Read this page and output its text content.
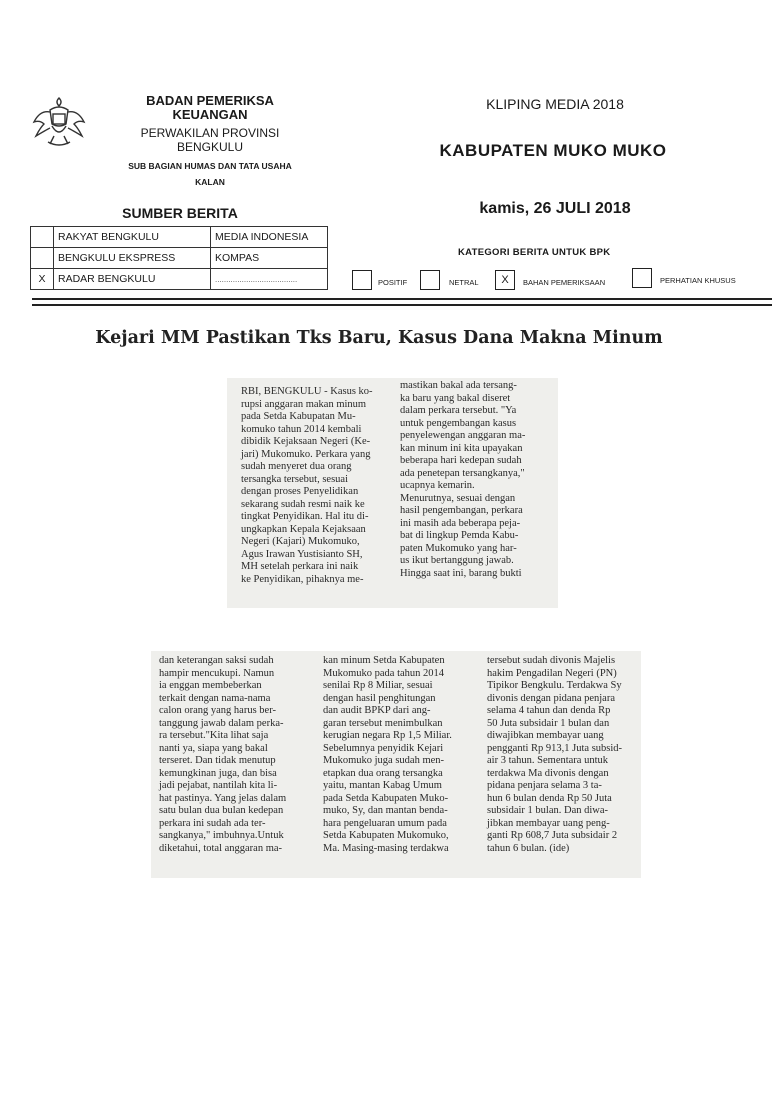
BADAN PEMERIKSA
KEUANGAN
PERWAKILAN PROVINSI
BENGKULU
SUB BAGIAN HUMAS DAN TATA USAHA
KALAN
KLIPING MEDIA 2018
KABUPATEN MUKO MUKO
SUMBER BERITA	kamis, 26 JULI 2018
	RAKYAT BENGKULU	MEDIA INDONESIA
	BENGKULU EKSPRESS	KOMPAS
X	RADAR BENGKULU	.....................................
KATEGORI BERITA UNTUK BPK
POSITIF	NETRAL	X	BAHAN PEMERIKSAAN	PERHATIAN KHUSUS
Kejari MM Pastikan Tks Baru, Kasus Dana Makna Minum
RBI, BENGKULU - Kasus ko-
rupsi anggaran makan minum
pada Setda Kabupatan Mu-
komuko tahun 2014 kembali
dibidik Kejaksaan Negeri (Ke-
jari) Mukomuko. Perkara yang
sudah menyeret dua orang
tersangka tersebut, sesuai
dengan proses Penyelidikan
sekarang sudah resmi naik ke
tingkat Penyidikan. Hal itu di-
ungkapkan Kepala Kejaksaan
Negeri (Kajari) Mukomuko,
Agus Irawan Yustisianto SH,
MH setelah perkara ini naik
ke Penyidikan, pihaknya me-
mastikan bakal ada tersang-
ka baru yang bakal diseret
dalam perkara tersebut. "Ya
untuk pengembangan kasus
penyelewengan anggaran ma-
kan minum ini kita upayakan
beberapa hari kedepan sudah
ada penetepan tersangkanya,"
ucapnya kemarin.
Menurutnya, sesuai dengan
hasil pengembangan, perkara
ini masih ada beberapa peja-
bat di lingkup Pemda Kabu-
paten Mukomuko yang har-
us ikut bertanggung jawab.
Hingga saat ini, barang bukti
dan keterangan saksi sudah
hampir mencukupi. Namun
ia enggan membeberkan
terkait dengan nama-nama
calon orang yang harus ber-
tanggung jawab dalam perka-
ra tersebut."Kita lihat saja
nanti ya, siapa yang bakal
terseret. Dan tidak menutup
kemungkinan juga, dan bisa
jadi pejabat, nantilah kita li-
hat pastinya. Yang jelas dalam
satu bulan dua bulan kedepan
perkara ini sudah ada ter-
sangkanya," imbuhnya.Untuk
diketahui, total anggaran ma-
kan minum Setda Kabupaten
Mukomuko pada tahun 2014
senilai Rp 8 Miliar, sesuai
dengan hasil penghitungan
dan audit BPKP dari ang-
garan tersebut menimbulkan
kerugian negara Rp 1,5 Miliar.
Sebelumnya penyidik Kejari
Mukomuko juga sudah men-
etapkan dua orang tersangka
yaitu, mantan Kabag Umum
pada Setda Kabupaten Muko-
muko, Sy, dan mantan benda-
hara pengeluaran umum pada
Setda Kabupaten Mukomuko,
Ma. Masing-masing terdakwa
tersebut sudah divonis Majelis
hakim Pengadilan Negeri (PN)
Tipikor Bengkulu. Terdakwa Sy
divonis dengan pidana penjara
selama 4 tahun dan denda Rp
50 Juta subsidair 1 bulan dan
diwajibkan membayar uang
pengganti Rp 913,1 Juta subsid-
air 3 tahun. Sementara untuk
terdakwa Ma divonis dengan
pidana penjara selama 3 ta-
hun 6 bulan denda Rp 50 Juta
subsidair 1 bulan. Dan diwa-
jibkan membayar uang peng-
ganti Rp 608,7 Juta subsidair 2
tahun 6 bulan. (ide)
